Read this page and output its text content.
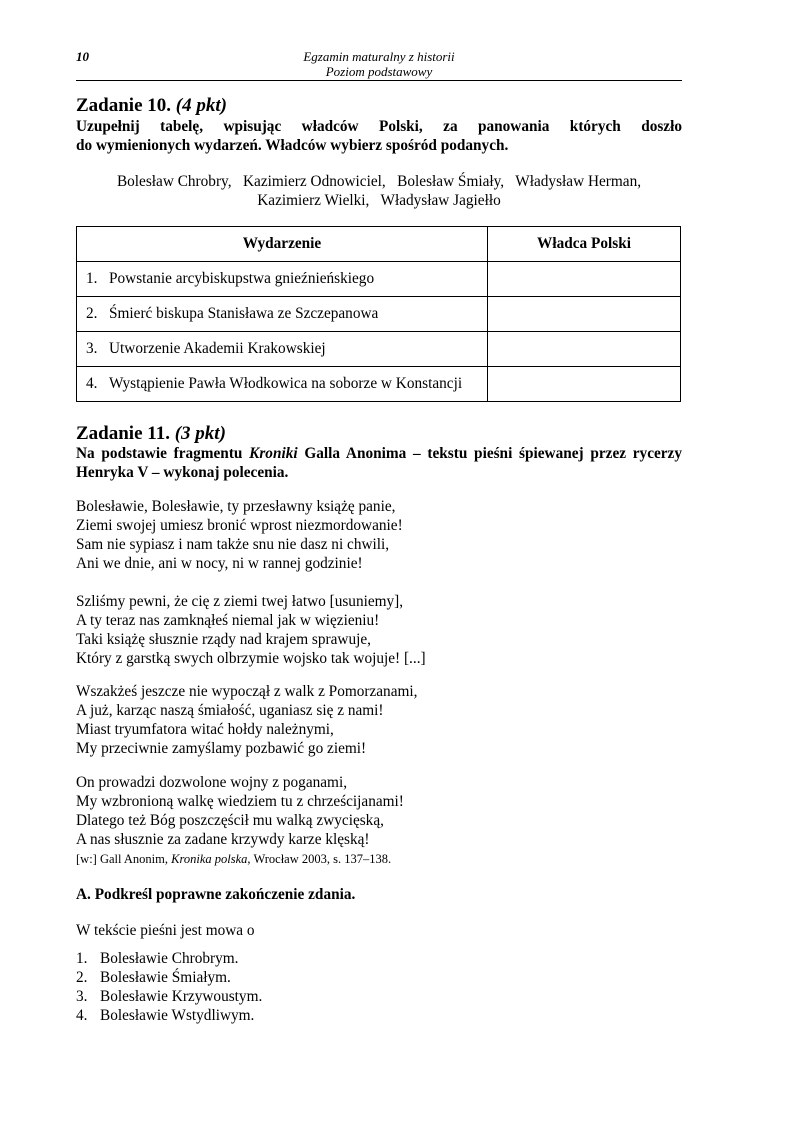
10	Egzamin maturalny z historii
Poziom podstawowy
Zadanie 10. (4 pkt)
Uzupełnij tabelę, wpisując władców Polski, za panowania których doszło
do wymienionych wydarzeń. Władców wybierz spośród podanych.
Bolesław Chrobry,   Kazimierz Odnowiciel,   Bolesław Śmiały,   Władysław Herman,
Kazimierz Wielki,   Władysław Jagiełło
Wydarzenie	Władca Polski
1. Powstanie arcybiskupstwa gnieźnieńskiego	
2. Śmierć biskupa Stanisława ze Szczepanowa	
3. Utworzenie Akademii Krakowskiej	
4. Wystąpienie Pawła Włodkowica na soborze w Konstancji	
Zadanie 11. (3 pkt)
Na podstawie fragmentu Kroniki Galla Anonima – tekstu pieśni śpiewanej przez rycerzy
Henryka V – wykonaj polecenia.

Bolesławie, Bolesławie, ty przesławny książę panie,

Ziemi swojej umiesz bronić wprost niezmordowanie!

Sam nie sypiasz i nam także snu nie dasz ni chwili,

Ani we dnie, ani w nocy, ni w rannej godzinie!

Szliśmy pewni, że cię z ziemi twej łatwo [usuniemy],

A ty teraz nas zamknąłeś niemal jak w więzieniu!

Taki książę słusznie rządy nad krajem sprawuje,

Który z garstką swych olbrzymie wojsko tak wojuje! [...]

Wszakżeś jeszcze nie wypoczął z walk z Pomorzanami,

A już, karząc naszą śmiałość, uganiasz się z nami!

Miast tryumfatora witać hołdy należnymi,

My przeciwnie zamyślamy pozbawić go ziemi!

On prowadzi dozwolone wojny z poganami,

My wzbronioną walkę wiedziem tu z chrześcijanami!

Dlatego też Bóg poszczęścił mu walką zwycięską,

A nas słusznie za zadane krzywdy karze klęską!

[w:] Gall Anonim, Kronika polska, Wrocław 2003, s. 137–138.
A. Podkreśl poprawne zakończenie zdania.
W tekście pieśni jest mowa o
1. Bolesławie Chrobrym.
2. Bolesławie Śmiałym.
3. Bolesławie Krzywoustym.
4. Bolesławie Wstydliwym.
